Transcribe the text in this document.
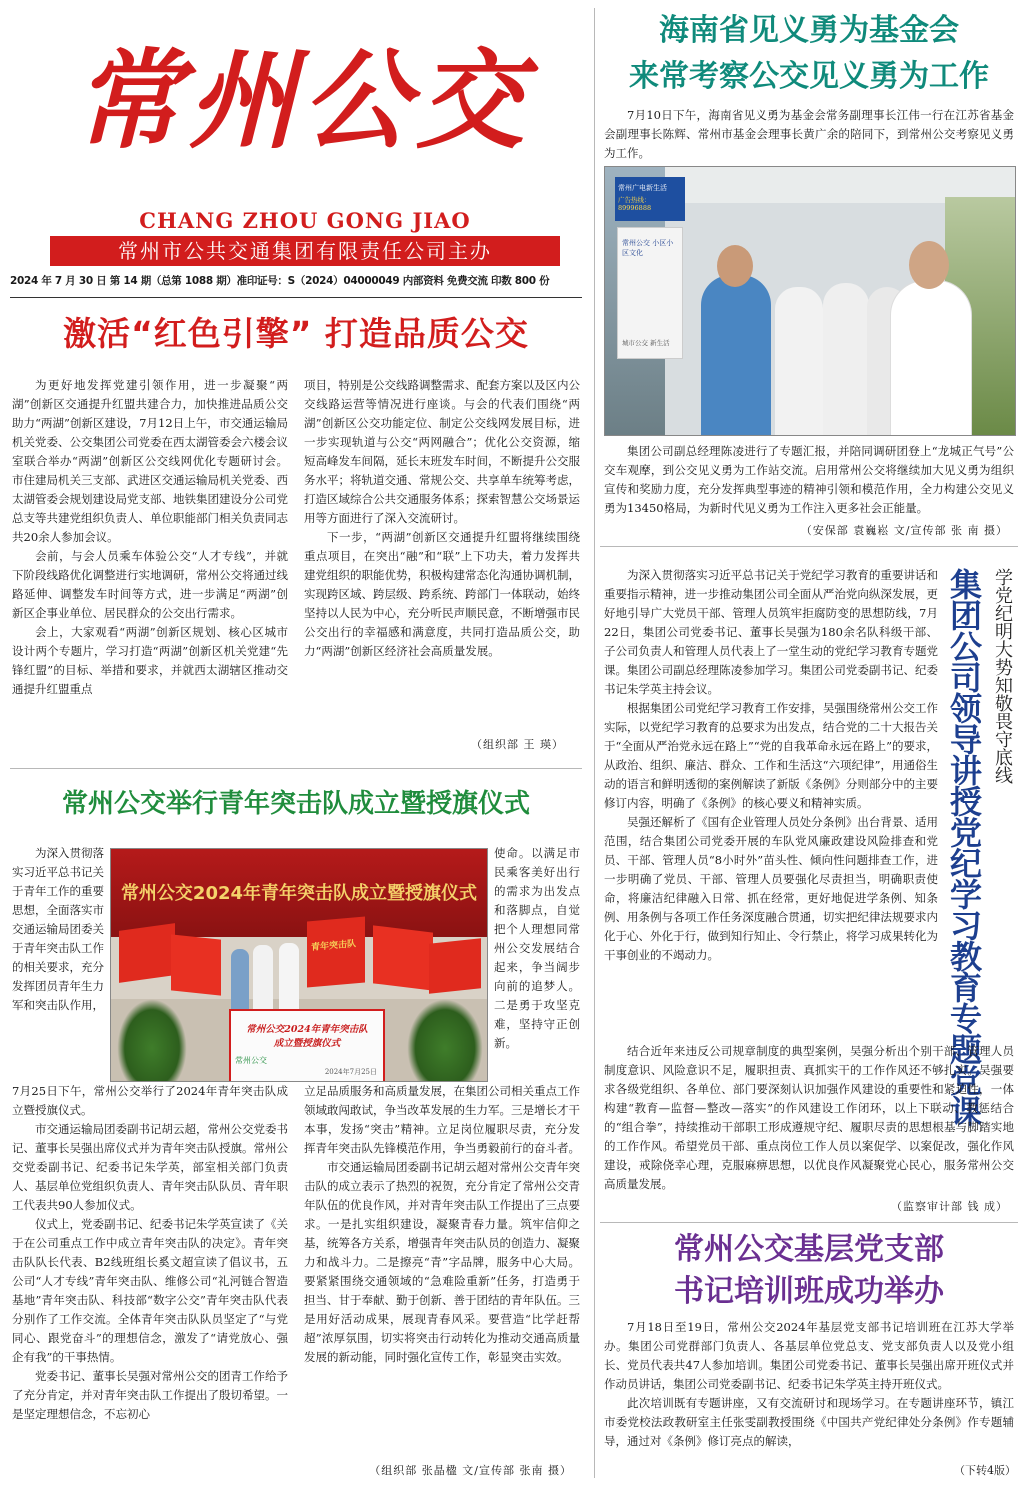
常州公交
CHANG ZHOU GONG JIAO
常州市公共交通集团有限责任公司主办
2024 年 7 月 30 日 第 14 期（总第 1088 期）准印证号：S（2024）04000049 内部资料 免费交流 印数 800 份
激活“红色引擎” 打造品质公交

为更好地发挥党建引领作用，进一步凝聚“两湖”创新区交通提升红盟共建合力，加快推进品质公交助力“两湖”创新区建设，7月12日上午，市交通运输局机关党委、公交集团公司党委在西太湖管委会六楼会议室联合举办“两湖”创新区公交线网优化专题研讨会。市住建局机关三支部、武进区交通运输局机关党委、西太湖管委会规划建设局党支部、地铁集团建设分公司党总支等共建党组织负责人、单位职能部门相关负责同志共20余人参加会议。

会前，与会人员乘车体验公交“人才专线”，并就下阶段线路优化调整进行实地调研，常州公交将通过线路延伸、调整发车时间等方式，进一步满足“两湖”创新区企事业单位、居民群众的公交出行需求。

会上，大家观看“两湖”创新区规划、核心区城市设计两个专题片，学习打造“两湖”创新区机关党建“先锋红盟”的目标、举措和要求，并就西太湖辖区推动交通提升红盟重点

项目，特别是公交线路调整需求、配套方案以及区内公交线路运营等情况进行座谈。与会的代表们围绕“两湖”创新区公交功能定位、制定公交线网发展目标，进一步实现轨道与公交“两网融合”；优化公交资源，缩短高峰发车间隔，延长末班发车时间，不断提升公交服务水平；将轨道交通、常规公交、共享单车统筹考虑，打造区域综合公共交通服务体系；探索智慧公交场景运用等方面进行了深入交流研讨。

下一步，“两湖”创新区交通提升红盟将继续围绕重点项目，在突出“融”和“联”上下功夫，着力发挥共建党组织的职能优势，积极构建常态化沟通协调机制，实现跨区域、跨层级、跨系统、跨部门一体联动，始终坚持以人民为中心，充分听民声顺民意，不断增强市民公交出行的幸福感和满意度，共同打造品质公交，助力“两湖”创新区经济社会高质量发展。

（组织部 王 瑛）
常州公交举行青年突击队成立暨授旗仪式

为深入贯彻落实习近平总书记关于青年工作的重要思想，全面落实市交通运输局团委关于青年突击队工作的相关要求，充分发挥团员青年生力军和突击队作用，

常州公交2024年青年突击队成立暨授旗仪式
青年突击队
常州公交2024年青年突击队
成立暨授旗仪式
常州公交
2024年7月25日

使命。以满足市民乘客美好出行的需求为出发点和落脚点，自觉把个人理想同常州公交发展结合起来，争当阔步向前的追梦人。二是勇于攻坚克难，坚持守正创新。

7月25日下午，常州公交举行了2024年青年突击队成立暨授旗仪式。

市交通运输局团委副书记胡云超，常州公交党委书记、董事长吴强出席仪式并为青年突击队授旗。常州公交党委副书记、纪委书记朱学英，部室相关部门负责人、基层单位党组织负责人、青年突击队队员、青年职工代表共90人参加仪式。

仪式上，党委副书记、纪委书记朱学英宣读了《关于在公司重点工作中成立青年突击队的决定》。青年突击队队长代表、B2线班组长奚文超宣读了倡议书，五公司“人才专线”青年突击队、维修公司“礼河链合智造基地”青年突击队、科技部“数字公交”青年突击队代表分别作了工作交流。全体青年突击队队员坚定了“与党同心、跟党奋斗”的理想信念，激发了“请党放心、强企有我”的干事热情。

党委书记、董事长吴强对常州公交的团青工作给予了充分肯定，并对青年突击队工作提出了殷切希望。一是坚定理想信念，不忘初心

立足品质服务和高质量发展，在集团公司相关重点工作领域敢闯敢试，争当改革发展的生力军。三是增长才干本事，发扬“突击”精神。立足岗位履职尽责，充分发挥青年突击队先锋模范作用，争当勇毅前行的奋斗者。

市交通运输局团委副书记胡云超对常州公交青年突击队的成立表示了热烈的祝贺，充分肯定了常州公交青年队伍的优良作风，并对青年突击队工作提出了三点要求。一是扎实组织建设，凝聚青春力量。筑牢信仰之基，统筹各方关系，增强青年突击队员的创造力、凝聚力和战斗力。二是擦亮“青”字品牌，服务中心大局。要紧紧围绕交通领域的“急难险重新”任务，打造勇于担当、甘于奉献、勤于创新、善于团结的青年队伍。三是用好活动成果，展现青春风采。要营造“比学赶帮超”浓厚氛围，切实将突击行动转化为推动交通高质量发展的新动能，同时强化宣传工作，彰显突击实效。

（组织部 张晶楹 文/宣传部 张南 摄）
海南省见义勇为基金会
来常考察公交见义勇为工作

7月10日下午，海南省见义勇为基金会常务副理事长江伟一行在江苏省基金会副理事长陈辉、常州市基金会理事长黄广余的陪同下，到常州公交考察见义勇为工作。

常州广电新生活
广告热线：89996888
常州公交 小区小区文化
城市公交 新生活

集团公司副总经理陈凌进行了专题汇报，并陪同调研团登上“龙城正气号”公交车观摩，到公交见义勇为工作站交流。启用常州公交将继续加大见义勇为组织宣传和奖励力度，充分发挥典型事迹的精神引领和模范作用，全力构建公交见义勇为13450格局，为新时代见义勇为工作注入更多社会正能量。

（安保部 袁巍崧 文/宣传部 张 南 摄）

为深入贯彻落实习近平总书记关于党纪学习教育的重要讲话和重要指示精神，进一步推动集团公司全面从严治党向纵深发展，更好地引导广大党员干部、管理人员筑牢拒腐防变的思想防线，7月22日，集团公司党委书记、董事长吴强为180余名队科级干部、子公司负责人和管理人员代表上了一堂生动的党纪学习教育专题党课。集团公司副总经理陈凌参加学习。集团公司党委副书记、纪委书记朱学英主持会议。

根据集团公司党纪学习教育工作安排，吴强围绕常州公交工作实际，以党纪学习教育的总要求为出发点，结合党的二十大报告关于“全面从严治党永远在路上”“党的自我革命永远在路上”的要求，从政治、组织、廉洁、群众、工作和生活这“六项纪律”，用通俗生动的语言和鲜明透彻的案例解读了新版《条例》分则部分中的主要修订内容，明确了《条例》的核心要义和精神实质。

吴强还解析了《国有企业管理人员处分条例》出台背景、适用范围，结合集团公司党委开展的车队党风廉政建设风险排查和党员、干部、管理人员“8小时外”苗头性、倾向性问题排查工作，进一步明确了党员、干部、管理人员要强化尽责担当，明确职责使命，将廉洁纪律融入日常、抓在经常，更好地促进学条例、知条例、用条例与各项工作任务深度融合贯通，切实把纪律法规要求内化于心、外化于行，做到知行知止、令行禁止，将学习成果转化为干事创业的不竭动力。	集团公司领导讲授党纪学习教育专题党课 学党纪明大势知敬畏守底线

结合近年来违反公司规章制度的典型案例，吴强分析出个别干部、管理人员制度意识、风险意识不足，履职担责、真抓实干的工作作风还不够扎实。吴强要求各级党组织、各单位、部门要深刻认识加强作风建设的重要性和紧迫性，一体构建“教育—监督—整改—落实”的作风建设工作闭环，以上下联动、教惩结合的“组合拳”，持续推动干部职工形成遵规守纪、履职尽责的思想根基与脚踏实地的工作作风。希望党员干部、重点岗位工作人员以案促学、以案促改，强化作风建设，戒除侥幸心理，克服麻痹思想，以优良作风凝聚党心民心，服务常州公交高质量发展。

（监察审计部 钱 成）
常州公交基层党支部
书记培训班成功举办

7月18日至19日，常州公交2024年基层党支部书记培训班在江苏大学举办。集团公司党群部门负责人、各基层单位党总支、党支部负责人以及党小组长、党员代表共47人参加培训。集团公司党委书记、董事长吴强出席开班仪式并作动员讲话，集团公司党委副书记、纪委书记朱学英主持开班仪式。

此次培训既有专题讲座，又有交流研讨和现场学习。在专题讲座环节，镇江市委党校法政教研室主任张雯副教授围绕《中国共产党纪律处分条例》作专题辅导，通过对《条例》修订亮点的解读，

（下转4版）
